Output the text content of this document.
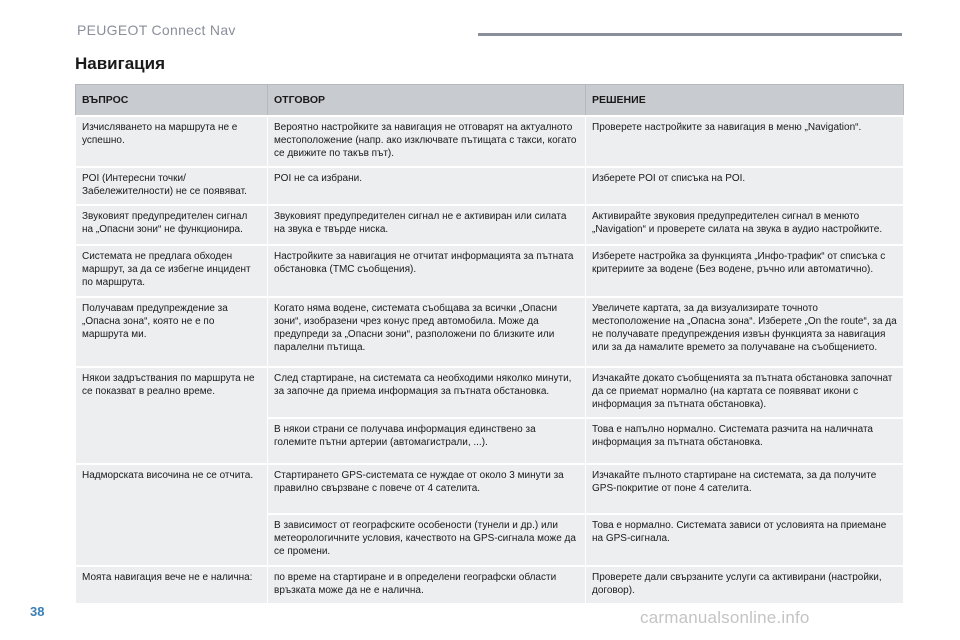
PEUGEOT Connect Nav
Навигация
ВЪПРОС	ОТГОВОР	РЕШЕНИЕ
Изчисляването на маршрута не е успешно.	Вероятно настройките за навигация не отговарят на актуалното местоположение (напр. ако изключвате пътищата с такси, когато се движите по такъв път).	Проверете настройките за навигация в меню „Navigation“.
POI (Интересни точки/ Забележителности) не се появяват.	POI не са избрани.	Изберете POI от списъка на POI.
Звуковият предупредителен сигнал на „Опасни зони“ не функционира.	Звуковият предупредителен сигнал не е активиран или силата на звука е твърде ниска.	Активирайте звуковия предупредителен сигнал в менюто „Navigation“ и проверете силата на звука в аудио настройките.
Системата не предлага обходен маршрут, за да се избегне инцидент по маршрута.	Настройките за навигация не отчитат информацията за пътната обстановка (TMC съобщения).	Изберете настройка за функцията „Инфо-трафик“ от списъка с критериите за водене (Без водене, ръчно или автоматично).
Получавам предупреждение за „Опасна зона“, която не е по маршрута ми.	Когато няма водене, системата съобщава за всички „Опасни зони“, изобразени чрез конус пред автомобила. Може да предупреди за „Опасни зони“, разположени по близките или паралелни пътища.	Увеличете картата, за да визуализирате точното местоположение на „Опасна зона“. Изберете „On the route“, за да не получавате предупреждения извън функцията за навигация или за да намалите времето за получаване на съобщението.
Някои задръствания по маршрута не се показват в реално време.	След стартиране, на системата са необходими няколко минути, за започне да приема информация за пътната обстановка.	Изчакайте докато съобщенията за пътната обстановка започнат да се приемат нормално (на картата се появяват икони с информация за пътната обстановка).
	В някои страни се получава информация единствено за големите пътни артерии (автомагистрали, ...).	Това е напълно нормално. Системата разчита на наличната информация за пътната обстановка.
Надморската височина не се отчита.	Стартирането GPS-системата се нуждае от около 3 минути за правилно свързване с повече от 4 сателита.	Изчакайте пълното стартиране на системата, за да получите GPS-покритие от поне 4 сателита.
	В зависимост от географските особености (тунели и др.) или метеорологичните условия, качеството на GPS-сигнала може да се промени.	Това е нормално. Системата зависи от условията на приемане на GPS-сигнала.
Моята навигация вече не е налична:	по време на стартиране и в определени географски области връзката може да не е налична.	Проверете дали свързаните услуги са активирани (настройки, договор).
38	carmanualsonline.info
